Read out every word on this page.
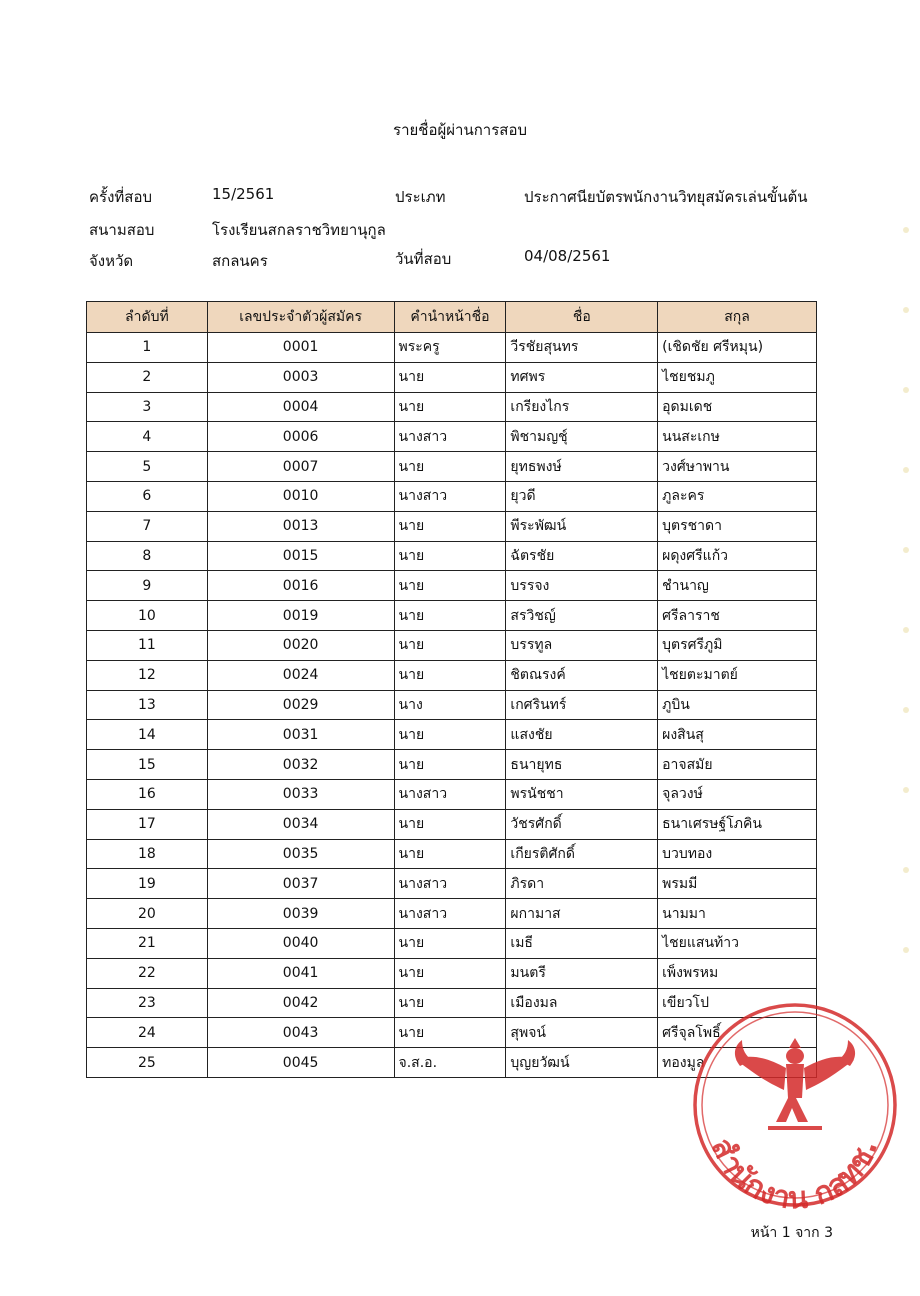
รายชื่อผู้ผ่านการสอบ
ครั้งที่สอบ	15/2561	ประเภท	ประกาศนียบัตรพนักงานวิทยุสมัครเล่นขั้นต้น
สนามสอบ	โรงเรียนสกลราชวิทยานุกูล
จังหวัด	สกลนคร	วันที่สอบ	04/08/2561
ลำดับที่	เลขประจำตัวผู้สมัคร	คำนำหน้าชื่อ	ชื่อ	สกุล
1	0001	พระครู	วีรชัยสุนทร	(เชิดชัย ศรีหมุน)
2	0003	นาย	ทศพร	ไชยชมภู
3	0004	นาย	เกรียงไกร	อุดมเดช
4	0006	นางสาว	พิชามญชุ์	นนสะเกษ
5	0007	นาย	ยุทธพงษ์	วงศ์ษาพาน
6	0010	นางสาว	ยุวดี	ภูละคร
7	0013	นาย	พีระพัฒน์	บุตรชาดา
8	0015	นาย	ฉัตรชัย	ผดุงศรีแก้ว
9	0016	นาย	บรรจง	ชำนาญ
10	0019	นาย	สรวิชญ์	ศรีลาราช
11	0020	นาย	บรรทูล	บุตรศรีภูมิ
12	0024	นาย	ชิตณรงค์	ไชยตะมาตย์
13	0029	นาง	เกศรินทร์	ภูบิน
14	0031	นาย	แสงชัย	ผงสินสุ
15	0032	นาย	ธนายุทธ	อาจสมัย
16	0033	นางสาว	พรนัชชา	จุลวงษ์
17	0034	นาย	วัชรศักดิ์	ธนาเศรษฐ์โภคิน
18	0035	นาย	เกียรติศักดิ์	บวบทอง
19	0037	นางสาว	ภิรดา	พรมมี
20	0039	นางสาว	ผกามาส	นามมา
21	0040	นาย	เมธี	ไชยแสนท้าว
22	0041	นาย	มนตรี	เพ็งพรหม
23	0042	นาย	เมืองมล	เขียวโป
24	0043	นาย	สุพจน์	ศรีจุลโพธิ์
25	0045	จ.ส.อ.	บุญยวัฒน์	ทองมูล
สำนักงาน กสทช.
หน้า 1 จาก 3
